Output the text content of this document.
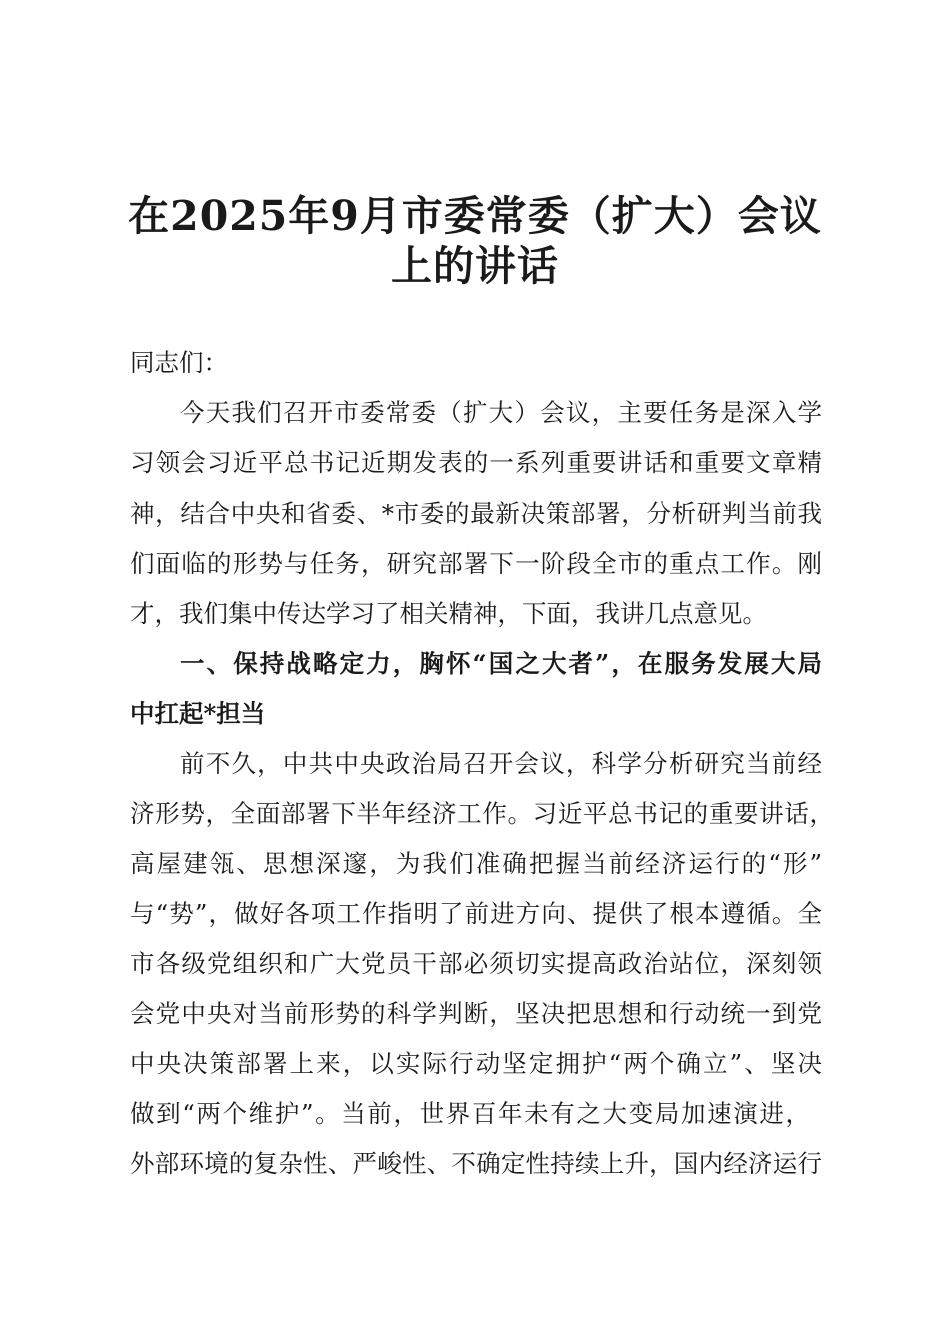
在2025年9月市委常委（扩大）会议
上的讲话
同志们：
今天我们召开市委常委（扩大）会议，主要任务是深入学
习领会习近平总书记近期发表的一系列重要讲话和重要文章精
神，结合中央和省委、*市委的最新决策部署，分析研判当前我
们面临的形势与任务，研究部署下一阶段全市的重点工作。刚
才，我们集中传达学习了相关精神，下面，我讲几点意见。
一、保持战略定力，胸怀“国之大者”，在服务发展大局
中扛起*担当
前不久，中共中央政治局召开会议，科学分析研究当前经
济形势，全面部署下半年经济工作。习近平总书记的重要讲话，
高屋建瓴、思想深邃，为我们准确把握当前经济运行的“形”
与“势”，做好各项工作指明了前进方向、提供了根本遵循。全
市各级党组织和广大党员干部必须切实提高政治站位，深刻领
会党中央对当前形势的科学判断，坚决把思想和行动统一到党
中央决策部署上来，以实际行动坚定拥护“两个确立”、坚决
做到“两个维护”。当前，世界百年未有之大变局加速演进，
外部环境的复杂性、严峻性、不确定性持续上升，国内经济运行
